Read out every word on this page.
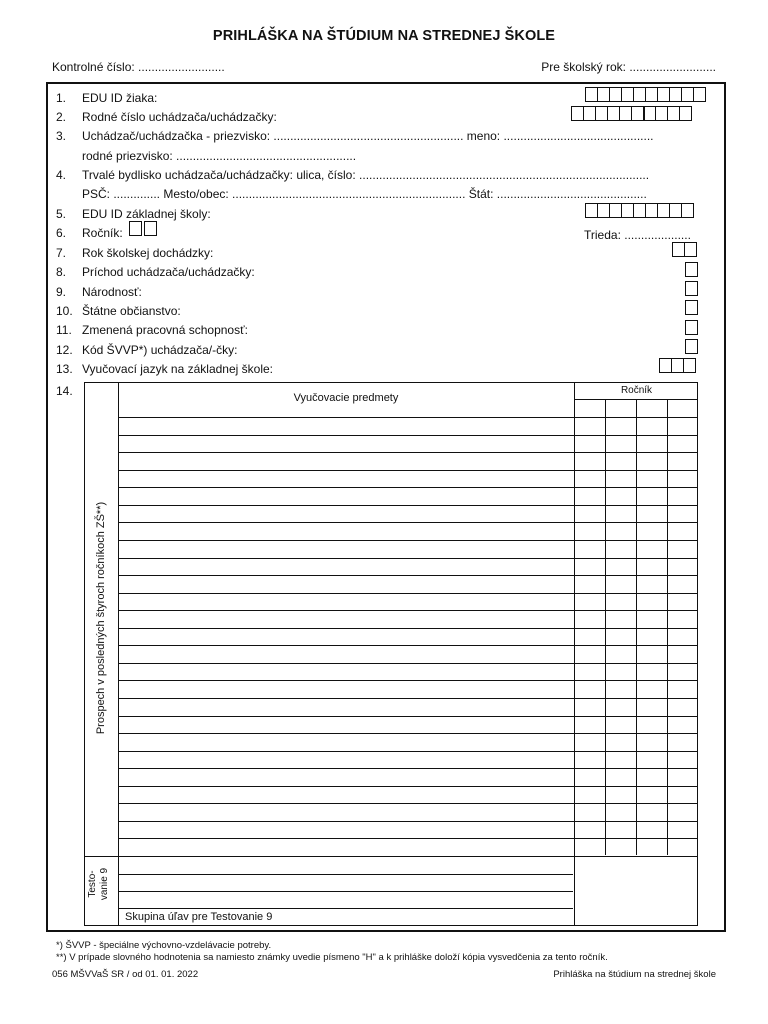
PRIHLÁŠKA NA ŠTÚDIUM NA STREDNEJ ŠKOLE
Kontrolné číslo: ..........................	Pre školský rok: ..........................
1. EDU ID žiaka:
2. Rodné číslo uchádzača/uchádzačky:
3. Uchádzač/uchádzačka - priezvisko: ......................................................... meno: .............................................
rodné priezvisko: ......................................................
4. Trvalé bydlisko uchádzača/uchádzačky: ulica, číslo: .......................................................................................
PSČ: .............. Mesto/obec: ...................................................................... Štát: .............................................
5. EDU ID základnej školy:
6. Ročník:	Trieda: ....................
7. Rok školskej dochádzky:
8. Príchod uchádzača/uchádzačky:
9. Národnosť:
10. Štátne občianstvo:
11. Zmenená pracovná schopnosť:
12. Kód ŠVVP*) uchádzača/-čky:
13. Vyučovací jazyk na základnej škole:
14.	Vyučovacie predmety
Ročník
Prospech v posledných štyroch ročníkoch ZŠ**)
Testo- vanie 9
Skupina úľav pre Testovanie 9
*) ŠVVP - špeciálne výchovno-vzdelávacie potreby.
**) V prípade slovného hodnotenia sa namiesto známky uvedie písmeno "H" a k prihláške doloží kópia vysvedčenia za tento ročník.
056 MŠVVaŠ SR / od 01. 01. 2022	Prihláška na štúdium na strednej škole
